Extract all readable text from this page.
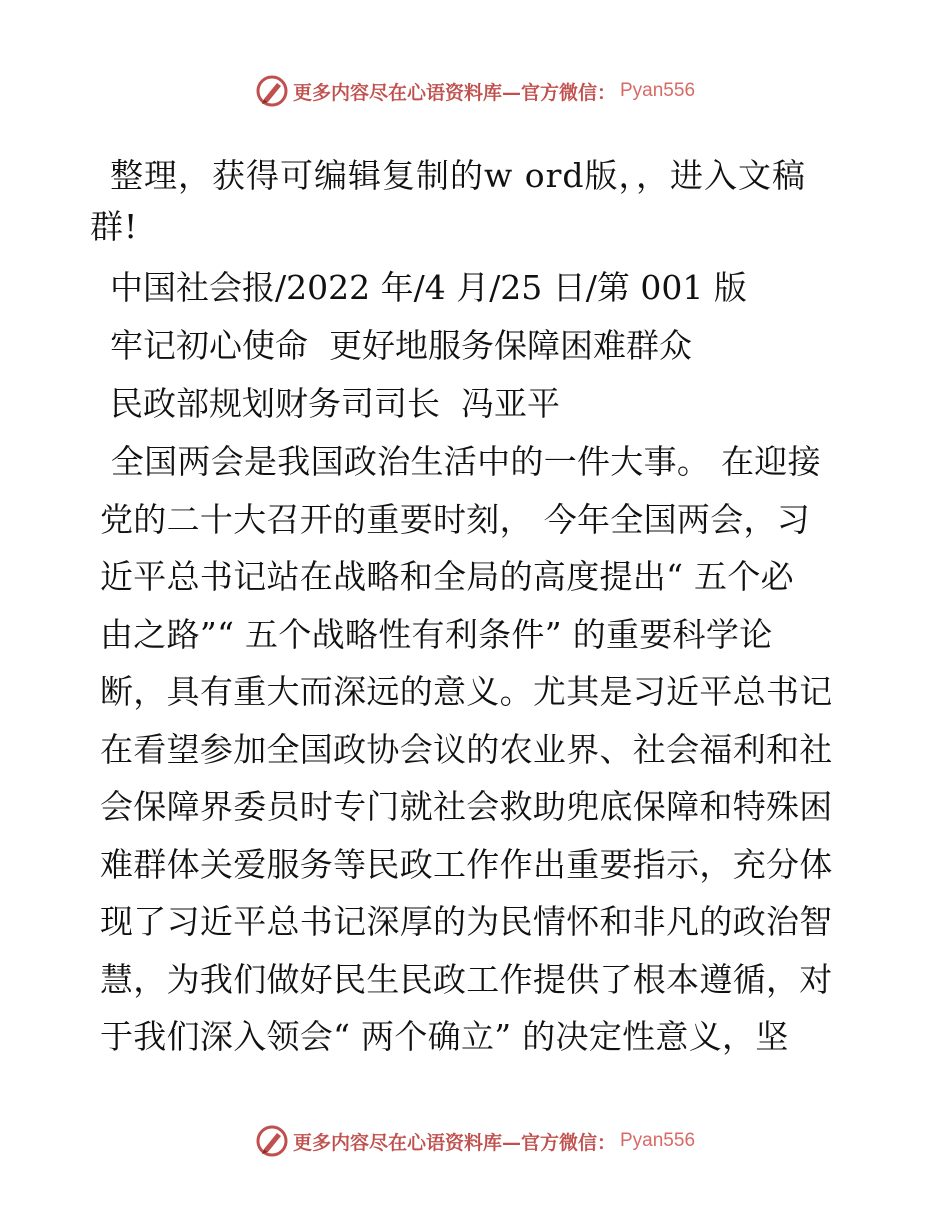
更多内容尽在心语资料库—官方微信： Pyan556

整理，获得可编辑复制的w ord版，，进入文稿
群!

中国社会报/2022 年/4 月/25 日/第 001 版

牢记初心使命  更好地服务保障困难群众

民政部规划财务司司长  冯亚平

全国两会是我国政治生活中的一件大事。 在迎接
党的二十大召开的重要时刻， 今年全国两会，习
近平总书记站在战略和全局的高度提出“ 五个必
由之路”“ 五个战略性有利条件” 的重要科学论
断，具有重大而深远的意义。尤其是习近平总书记
在看望参加全国政协会议的农业界、社会福利和社
会保障界委员时专门就社会救助兜底保障和特殊困
难群体关爱服务等民政工作作出重要指示，充分体
现了习近平总书记深厚的为民情怀和非凡的政治智
慧，为我们做好民生民政工作提供了根本遵循，对
于我们深入领会“ 两个确立” 的决定性意义，坚
更多内容尽在心语资料库—官方微信： Pyan556
